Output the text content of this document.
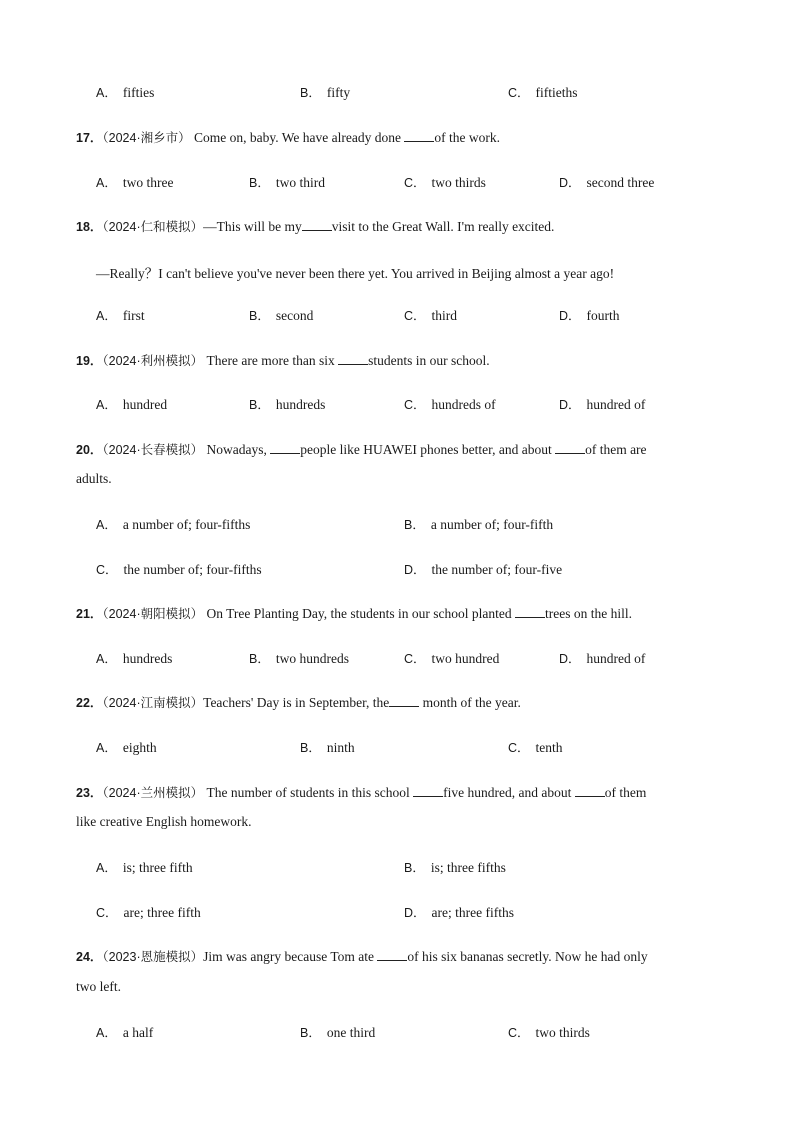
A． fifties	B． fifty	C． fiftieths
17．（2024·湘乡市） Come on, baby. We have already done of the work.
A． two three	B． two third	C． two thirds	D． second three
18．（2024·仁和模拟）—This will be my visit to the Great Wall. I'm really excited.
—Really？I can't believe you've never been there yet. You arrived in Beijing almost a year ago!
A． first	B． second	C． third	D． fourth
19．（2024·利州模拟） There are more than six students in our school.
A． hundred	B． hundreds	C． hundreds of	D． hundred of
20．（2024·长春模拟） Nowadays, people like HUAWEI phones better, and about of them are
adults.
A． a number of; four-fifths	B． a number of; four-fifth
C． the number of; four-fifths	D． the number of; four-five
21．（2024·朝阳模拟） On Tree Planting Day, the students in our school planted trees on the hill.
A． hundreds	B． two hundreds	C． two hundred	D． hundred of
22．（2024·江南模拟）Teachers' Day is in September, the month of the year.
A． eighth	B． ninth	C． tenth
23．（2024·兰州模拟） The number of students in this school five hundred, and about of them
like creative English homework.
A． is; three fifth	B． is; three fifths
C． are; three fifth	D． are; three fifths
24．（2023·恩施模拟）Jim was angry because Tom ate of his six bananas secretly. Now he had only
two left.
A． a half	B． one third	C． two thirds
